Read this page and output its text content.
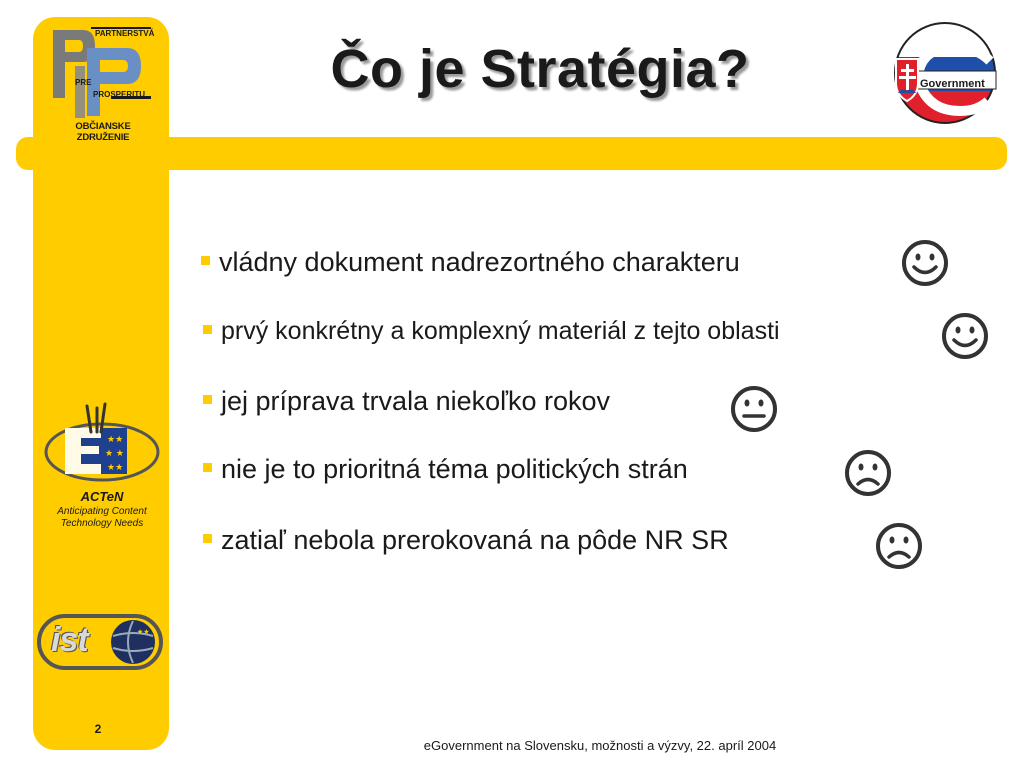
Čo je Stratégia?
PARTNERSTVÁ
PRE
PROSPERITU
OBČIANSKE ZDRUŽENIE
Government
★★
★ ★
★★
ACTeN
Anticipating Content
Technology Needs
★★
ist
vládny dokument nadrezortného charakteru
prvý konkrétny a komplexný materiál z tejto oblasti
jej príprava trvala niekoľko rokov
nie je to prioritná téma politických strán
zatiaľ nebola prerokovaná na pôde NR SR
2
eGovernment na Slovensku, možnosti a výzvy, 22. apríl 2004
